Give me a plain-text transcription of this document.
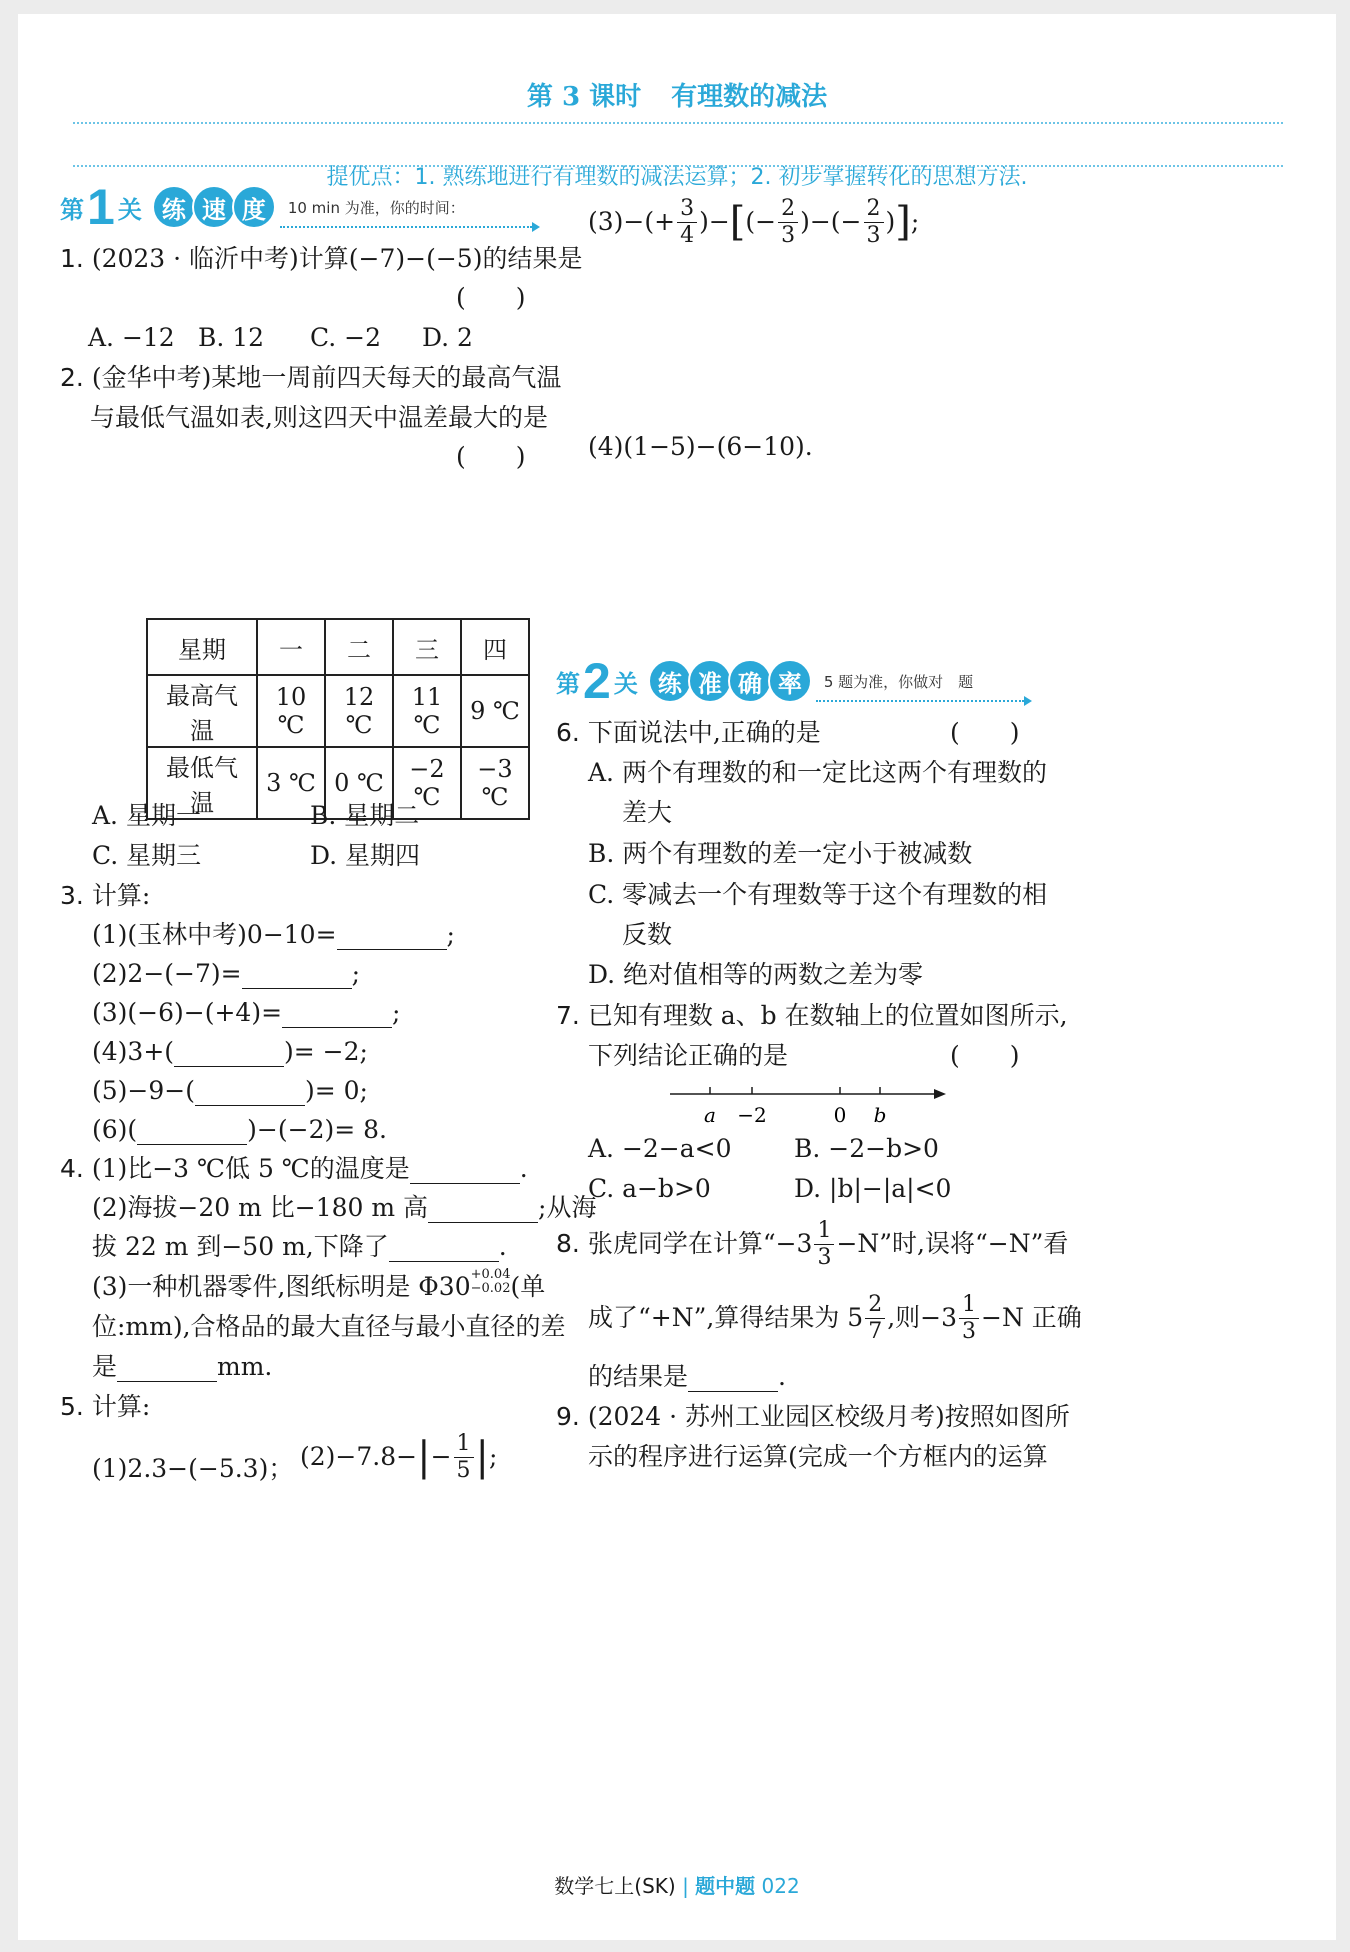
第 3 课时 有理数的减法
提优点：1. 熟练地进行有理数的减法运算；2. 初步掌握转化的思想方法.
第 1 关 练 速 度	10 min 为准，你的时间：
1. (2023 · 临沂中考)计算(−7)−(−5)的结果是
(　　)
A. −12 B. 12 C. −2 D. 2
2. (金华中考)某地一周前四天每天的最高气温
与最低气温如表,则这四天中温差最大的是
(　　)
星期	一	二	三	四
最高气温	10 ℃	12 ℃	11 ℃	9 ℃
最低气温	3 ℃	0 ℃	−2 ℃	−3 ℃
A. 星期一	B. 星期二
C. 星期三	D. 星期四
3. 计算:
(1)(玉林中考)0−10=	;
(2)2−(−7)=	;
(3)(−6)−(+4)=	;
(4)3+(	)= −2;
(5)−9−(	)= 0;
(6)(	)−(−2)= 8.
4. (1)比−3 ℃低 5 ℃的温度是	.
(2)海拔−20 m 比−180 m 高	;从海
拔 22 m 到−50 m,下降了	.
(3)一种机器零件,图纸标明是 Φ30+0.04
−0.02(单
位:mm),合格品的最大直径与最小直径的差
是	mm.
5. 计算:
(1)2.3−(−5.3)； (2)−7.8− | − $\frac{1}{5}$ | ;
(3)− (+ $\frac{3}{4}$ )− [ (− $\frac{2}{3}$ )−(− $\frac{2}{3}$ ) ] ;
(4)(1−5)−(6−10).
第 2 关 练 准 确 率	5 题为准，你做对　题
6. 下面说法中,正确的是	(　　)
A. 两个有理数的和一定比这两个有理数的
差大
B. 两个有理数的差一定小于被减数
C. 零减去一个有理数等于这个有理数的相
反数
D. 绝对值相等的两数之差为零
7. 已知有理数 a、b 在数轴上的位置如图所示,
下列结论正确的是	(　　)
a −2	0 b
A. −2−a<0 B. −2−b>0
C. a−b>0	D. |b|−|a|<0
8.
张虎同学在计算“$-3 \frac{1}{3} -N$”时,误将“−N”看
成了“+N”,算得结果为 $5 \frac{2}{7}$ ,则$-3 \frac{1}{3} -N$ 正确
的结果是	.
9. (2024 · 苏州工业园区校级月考)按照如图所
示的程序进行运算(完成一个方框内的运算
数学七上(SK) | 题中题 022
